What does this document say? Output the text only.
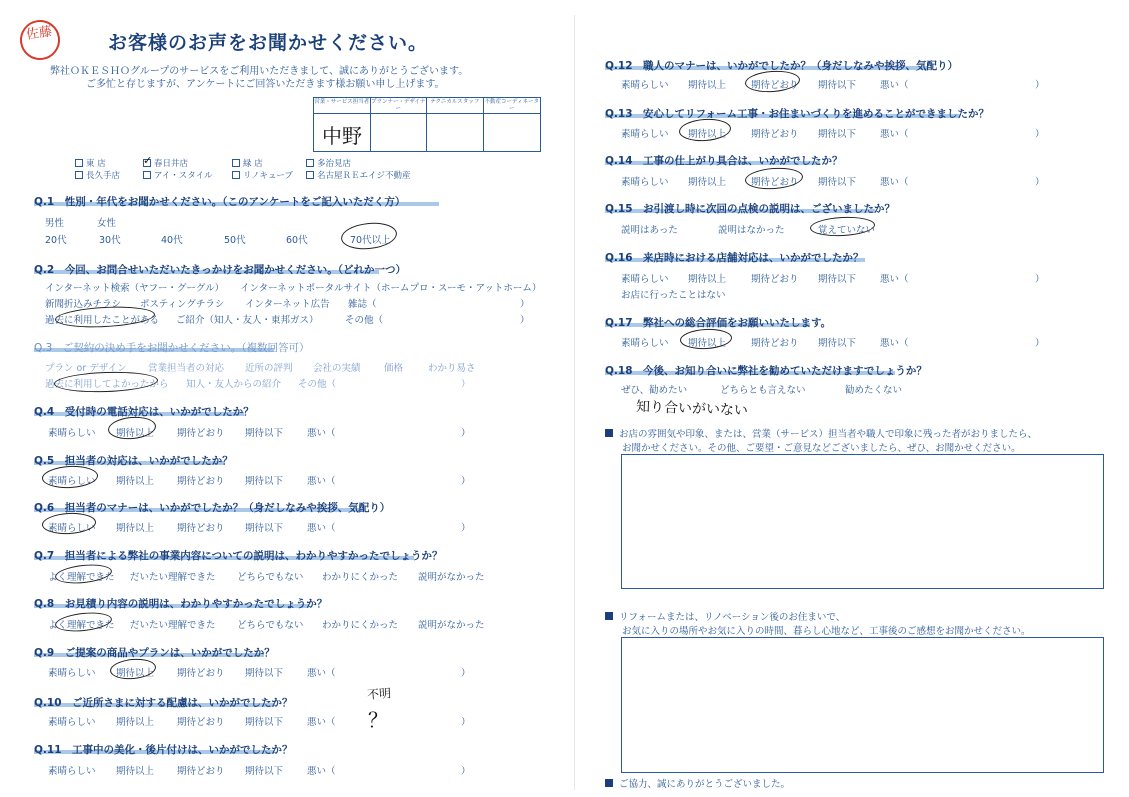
佐藤	お客様のお声をお聞かせください。
弊社ＯＫＥＳＨＯグループのサービスをご利用いただきまして、誠にありがとうございます。
ご多忙と存じますが、アンケートにご回答いただきます様お願い申し上げます。
営業・サービス担当者 プランナー・デザイナー
テクニカルスタッフ 不動産コーディネーター
中野
東 店
✓	春日井店	緑 店	多治見店
長久手店	アイ・スタイル	リノキューブ	名古屋ＲＥエイジ不動産
Q.1　性別・年代をお聞かせください。（このアンケートをご記入いただく方）
男性	女性
20代	30代	40代	50代	60代	70代以上
Q.2　今回、お問合せいただいたきっかけをお聞かせください。（どれか一つ）
インターネット検索（ヤフー・グーグル） インターネットポータルサイト（ホームプロ・スーモ・アットホーム）
新聞折込みチラシ ポスティングチラシ インターネット広告 雑誌（	）
過去に利用したことがある ご紹介（知人・友人・東邦ガス）	その他（	）
Q.3　ご契約の決め手をお聞かせください。（複数回答可）
プラン or デザイン 営業担当者の対応 近所の評判 会社の実績 価格	わかり易さ
過去に利用してよかったから 知人・友人からの紹介 その他（	）
Q.4　受付時の電話対応は、いかがでしたか？
素晴らしい 期待以上 期待どおり 期待以下	悪い（	）
Q.5　担当者の対応は、いかがでしたか？
素晴らしい 期待以上 期待どおり 期待以下	悪い（	）
Q.6　担当者のマナーは、いかがでしたか？（身だしなみや挨拶、気配り）
素晴らしい 期待以上 期待どおり 期待以下	悪い（	）
Q.7　担当者による弊社の事業内容についての説明は、わかりやすかったでしょうか？
よく理解できた だいたい理解できた どちらでもない わかりにくかった 説明がなかった
Q.8　お見積り内容の説明は、わかりやすかったでしょうか？
よく理解できた だいたい理解できた どちらでもない わかりにくかった 説明がなかった
Q.9　ご提案の商品やプランは、いかがでしたか？
素晴らしい 期待以上 期待どおり 期待以下	悪い（	）
Q.10　ご近所さまに対する配慮は、いかがでしたか？
不明
？
素晴らしい 期待以上 期待どおり 期待以下	悪い（	）
Q.11　工事中の美化・後片付けは、いかがでしたか？
素晴らしい 期待以上 期待どおり 期待以下	悪い（	）
Q.12　職人のマナーは、いかがでしたか？（身だしなみや挨拶、気配り）
素晴らしい 期待以上	期待どおり 期待以下	悪い（	）
Q.13　安心してリフォーム工事・お住まいづくりを進めることができましたか？
素晴らしい 期待以上	期待どおり 期待以下	悪い（	）
Q.14　工事の仕上がり具合は、いかがでしたか？
素晴らしい 期待以上	期待どおり 期待以下	悪い（	）
Q.15　お引渡し時に次回の点検の説明は、ございましたか？
説明はあった	説明はなかった	覚えていない
Q.16　来店時における店舗対応は、いかがでしたか？
素晴らしい 期待以上	期待どおり 期待以下	悪い（	）
お店に行ったことはない
Q.17　弊社への総合評価をお願いいたします。
素晴らしい 期待以上	期待どおり 期待以下	悪い（	）
Q.18　今後、お知り合いに弊社を勧めていただけますでしょうか？
ぜひ、勧めたい	どちらとも言えない	勧めたくない
知り合いがいない
お店の雰囲気や印象、または、営業（サービス）担当者や職人で印象に残った者がおりましたら、
お聞かせください。その他、ご要望・ご意見などございましたら、ぜひ、お聞かせください。
リフォームまたは、リノベーション後のお住まいで、
お気に入りの場所やお気に入りの時間、暮らし心地など、工事後のご感想をお聞かせください。
ご協力、誠にありがとうございました。
